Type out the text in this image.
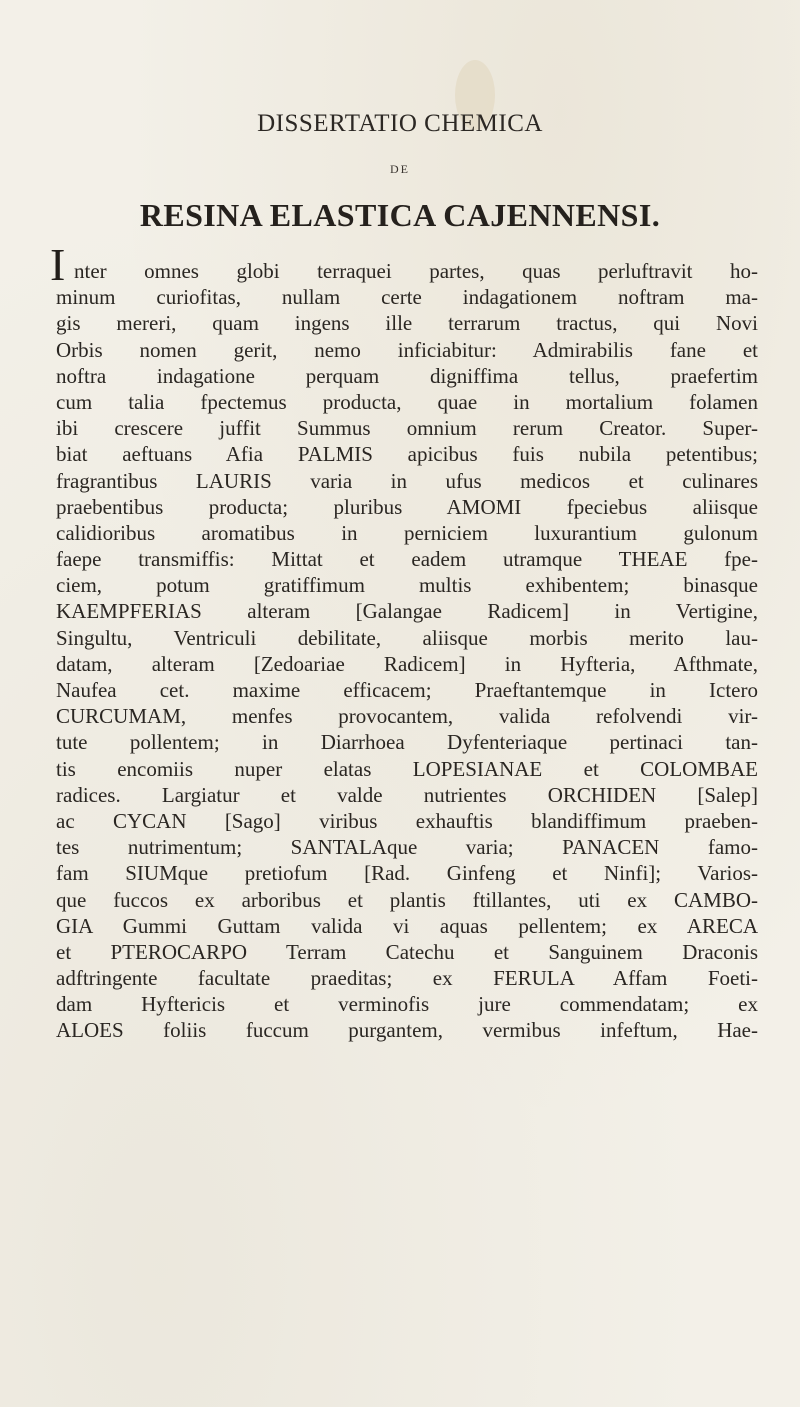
DISSERTATIO CHEMICA
DE
RESINA ELASTICA CAJENNENSI.
I nter omnes globi terraquei partes, quas perluftravit ho-
minum curiofitas, nullam certe indagationem noftram ma-
gis mereri, quam ingens ille terrarum tractus, qui Novi
Orbis nomen gerit, nemo inficiabitur: Admirabilis fane et
noftra indagatione perquam digniffima tellus, praefertim
cum talia fpectemus producta, quae in mortalium folamen
ibi crescere juffit Summus omnium rerum Creator. Super-
biat aeftuans Afia PALMIS apicibus fuis nubila petentibus;
fragrantibus LAURIS varia in ufus medicos et culinares
praebentibus producta; pluribus AMOMI fpeciebus aliisque
calidioribus aromatibus in perniciem luxurantium gulonum
faepe transmiffis: Mittat et eadem utramque THEAE fpe-
ciem, potum gratiffimum multis exhibentem; binasque
KAEMPFERIAS alteram [Galangae Radicem] in Vertigine,
Singultu, Ventriculi debilitate, aliisque morbis merito lau-
datam, alteram [Zedoariae Radicem] in Hyfteria, Afthmate,
Naufea cet. maxime efficacem; Praeftantemque in Ictero
CURCUMAM, menfes provocantem, valida refolvendi vir-
tute pollentem; in Diarrhoea Dyfenteriaque pertinaci tan-
tis encomiis nuper elatas LOPESIANAE et COLOMBAE
radices. Largiatur et valde nutrientes ORCHIDEN [Salep]
ac CYCAN [Sago] viribus exhauftis blandiffimum praeben-
tes nutrimentum; SANTALAque varia; PANACEN famo-
fam SIUMque pretiofum [Rad. Ginfeng et Ninfi]; Varios-
que fuccos ex arboribus et plantis ftillantes, uti ex CAMBO-
GIA Gummi Guttam valida vi aquas pellentem; ex ARECA
et PTEROCARPO Terram Catechu et Sanguinem Draconis
adftringente facultate praeditas; ex FERULA Affam Foeti-
dam Hyftericis et verminofis jure commendatam; ex
ALOES foliis fuccum purgantem, vermibus infeftum, Hae-
